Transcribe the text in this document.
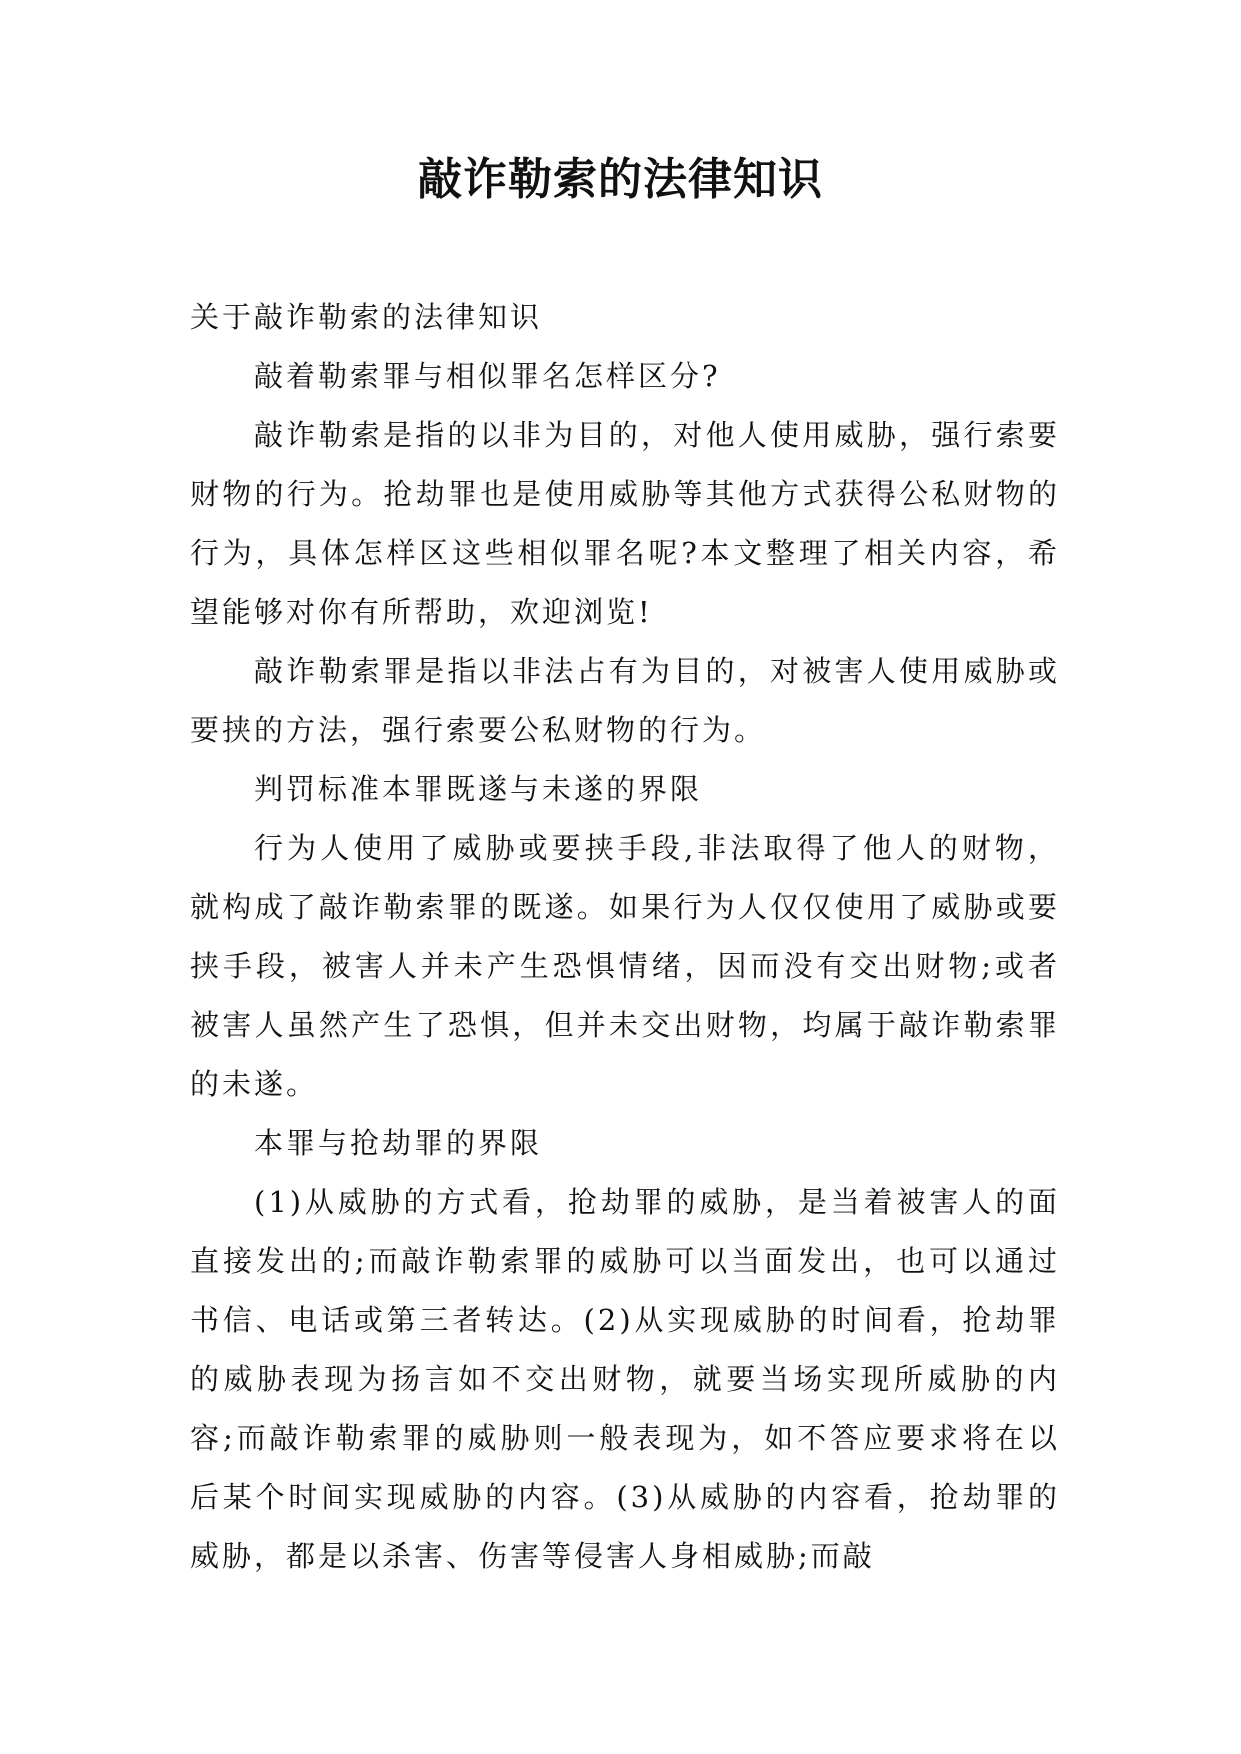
敲诈勒索的法律知识

关于敲诈勒索的法律知识

敲着勒索罪与相似罪名怎样区分?

敲诈勒索是指的以非为目的，对他人使用威胁，强行索要财物的行为。抢劫罪也是使用威胁等其他方式获得公私财物的行为，具体怎样区这些相似罪名呢?本文整理了相关内容，希望能够对你有所帮助，欢迎浏览!

敲诈勒索罪是指以非法占有为目的，对被害人使用威胁或要挟的方法，强行索要公私财物的行为。

判罚标准本罪既遂与未遂的界限

行为人使用了威胁或要挟手段,非法取得了他人的财物，就构成了敲诈勒索罪的既遂。如果行为人仅仅使用了威胁或要挟手段，被害人并未产生恐惧情绪，因而没有交出财物;或者被害人虽然产生了恐惧，但并未交出财物，均属于敲诈勒索罪的未遂。

本罪与抢劫罪的界限

(1)从威胁的方式看，抢劫罪的威胁，是当着被害人的面直接发出的;而敲诈勒索罪的威胁可以当面发出，也可以通过书信、电话或第三者转达。(2)从实现威胁的时间看，抢劫罪的威胁表现为扬言如不交出财物，就要当场实现所威胁的内容;而敲诈勒索罪的威胁则一般表现为，如不答应要求将在以后某个时间实现威胁的内容。(3)从威胁的内容看，抢劫罪的威胁，都是以杀害、伤害等侵害人身相威胁;而敲
